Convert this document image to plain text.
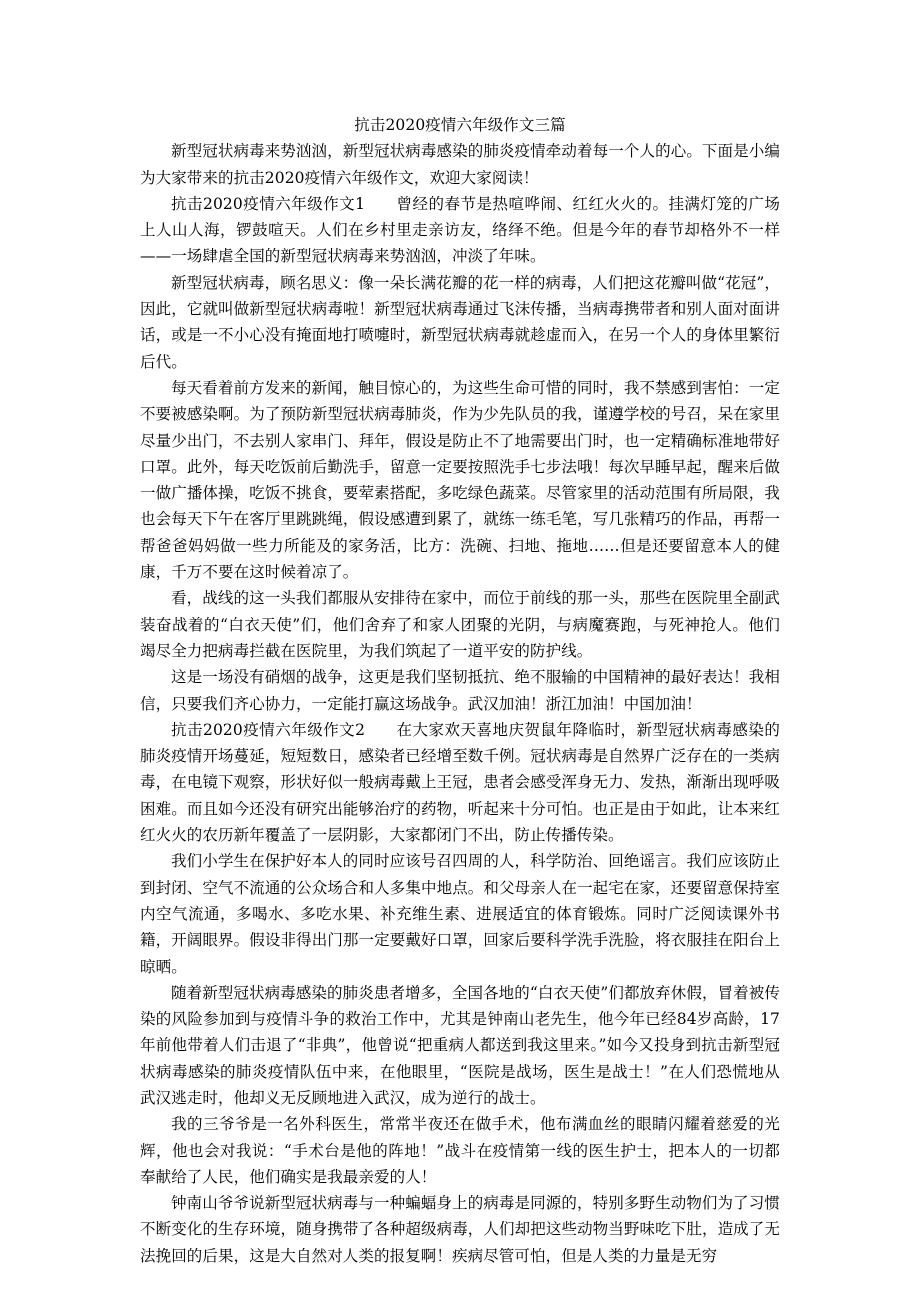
抗击2020疫情六年级作文三篇

新型冠状病毒来势汹汹，新型冠状病毒感染的肺炎疫情牵动着每一个人的心。下面是小编为大家带来的抗击2020疫情六年级作文，欢迎大家阅读！

抗击2020疫情六年级作文1 曾经的春节是热喧哗闹、红红火火的。挂满灯笼的广场上人山人海，锣鼓喧天。人们在乡村里走亲访友，络绎不绝。但是今年的春节却格外不一样——一场肆虐全国的新型冠状病毒来势汹汹，冲淡了年味。

新型冠状病毒，顾名思义：像一朵长满花瓣的花一样的病毒，人们把这花瓣叫做“花冠”，因此，它就叫做新型冠状病毒啦！新型冠状病毒通过飞沫传播，当病毒携带者和别人面对面讲话，或是一不小心没有掩面地打喷嚏时，新型冠状病毒就趁虚而入，在另一个人的身体里繁衍后代。

每天看着前方发来的新闻，触目惊心的，为这些生命可惜的同时，我不禁感到害怕：一定不要被感染啊。为了预防新型冠状病毒肺炎，作为少先队员的我，谨遵学校的号召，呆在家里尽量少出门，不去别人家串门、拜年，假设是防止不了地需要出门时，也一定精确标准地带好口罩。此外，每天吃饭前后勤洗手，留意一定要按照洗手七步法哦！每次早睡早起，醒来后做一做广播体操，吃饭不挑食，要荤素搭配，多吃绿色蔬菜。尽管家里的活动范围有所局限，我也会每天下午在客厅里跳跳绳，假设感遭到累了，就练一练毛笔，写几张精巧的作品，再帮一帮爸爸妈妈做一些力所能及的家务活，比方：洗碗、扫地、拖地……但是还要留意本人的健康，千万不要在这时候着凉了。

看，战线的这一头我们都服从安排待在家中，而位于前线的那一头，那些在医院里全副武装奋战着的“白衣天使”们，他们舍弃了和家人团聚的光阴，与病魔赛跑，与死神抢人。他们竭尽全力把病毒拦截在医院里，为我们筑起了一道平安的防护线。

这是一场没有硝烟的战争，这更是我们坚韧抵抗、绝不服输的中国精神的最好表达！我相信，只要我们齐心协力，一定能打赢这场战争。武汉加油！浙江加油！中国加油！

抗击2020疫情六年级作文2 在大家欢天喜地庆贺鼠年降临时，新型冠状病毒感染的肺炎疫情开场蔓延，短短数日，感染者已经增至数千例。冠状病毒是自然界广泛存在的一类病毒，在电镜下观察，形状好似一般病毒戴上王冠，患者会感受浑身无力、发热，渐渐出现呼吸困难。而且如今还没有研究出能够治疗的药物，听起来十分可怕。也正是由于如此，让本来红红火火的农历新年覆盖了一层阴影，大家都闭门不出，防止传播传染。

我们小学生在保护好本人的同时应该号召四周的人，科学防治、回绝谣言。我们应该防止到封闭、空气不流通的公众场合和人多集中地点。和父母亲人在一起宅在家，还要留意保持室内空气流通，多喝水、多吃水果、补充维生素、进展适宜的体育锻炼。同时广泛阅读课外书籍，开阔眼界。假设非得出门那一定要戴好口罩，回家后要科学洗手洗脸，将衣服挂在阳台上晾晒。

随着新型冠状病毒感染的肺炎患者增多，全国各地的“白衣天使”们都放弃休假，冒着被传染的风险参加到与疫情斗争的救治工作中，尤其是钟南山老先生，他今年已经84岁高龄，17年前他带着人们击退了“非典”，他曾说“把重病人都送到我这里来。”如今又投身到抗击新型冠状病毒感染的肺炎疫情队伍中来，在他眼里，“医院是战场，医生是战士！”在人们恐慌地从武汉逃走时，他却义无反顾地进入武汉，成为逆行的战士。

我的三爷爷是一名外科医生，常常半夜还在做手术，他布满血丝的眼睛闪耀着慈爱的光辉，他也会对我说：“手术台是他的阵地！”战斗在疫情第一线的医生护士，把本人的一切都奉献给了人民，他们确实是我最亲爱的人！

钟南山爷爷说新型冠状病毒与一种蝙蝠身上的病毒是同源的，特别多野生动物们为了习惯不断变化的生存环境，随身携带了各种超级病毒，人们却把这些动物当野味吃下肚，造成了无法挽回的后果，这是大自然对人类的报复啊！疾病尽管可怕，但是人类的力量是无穷
